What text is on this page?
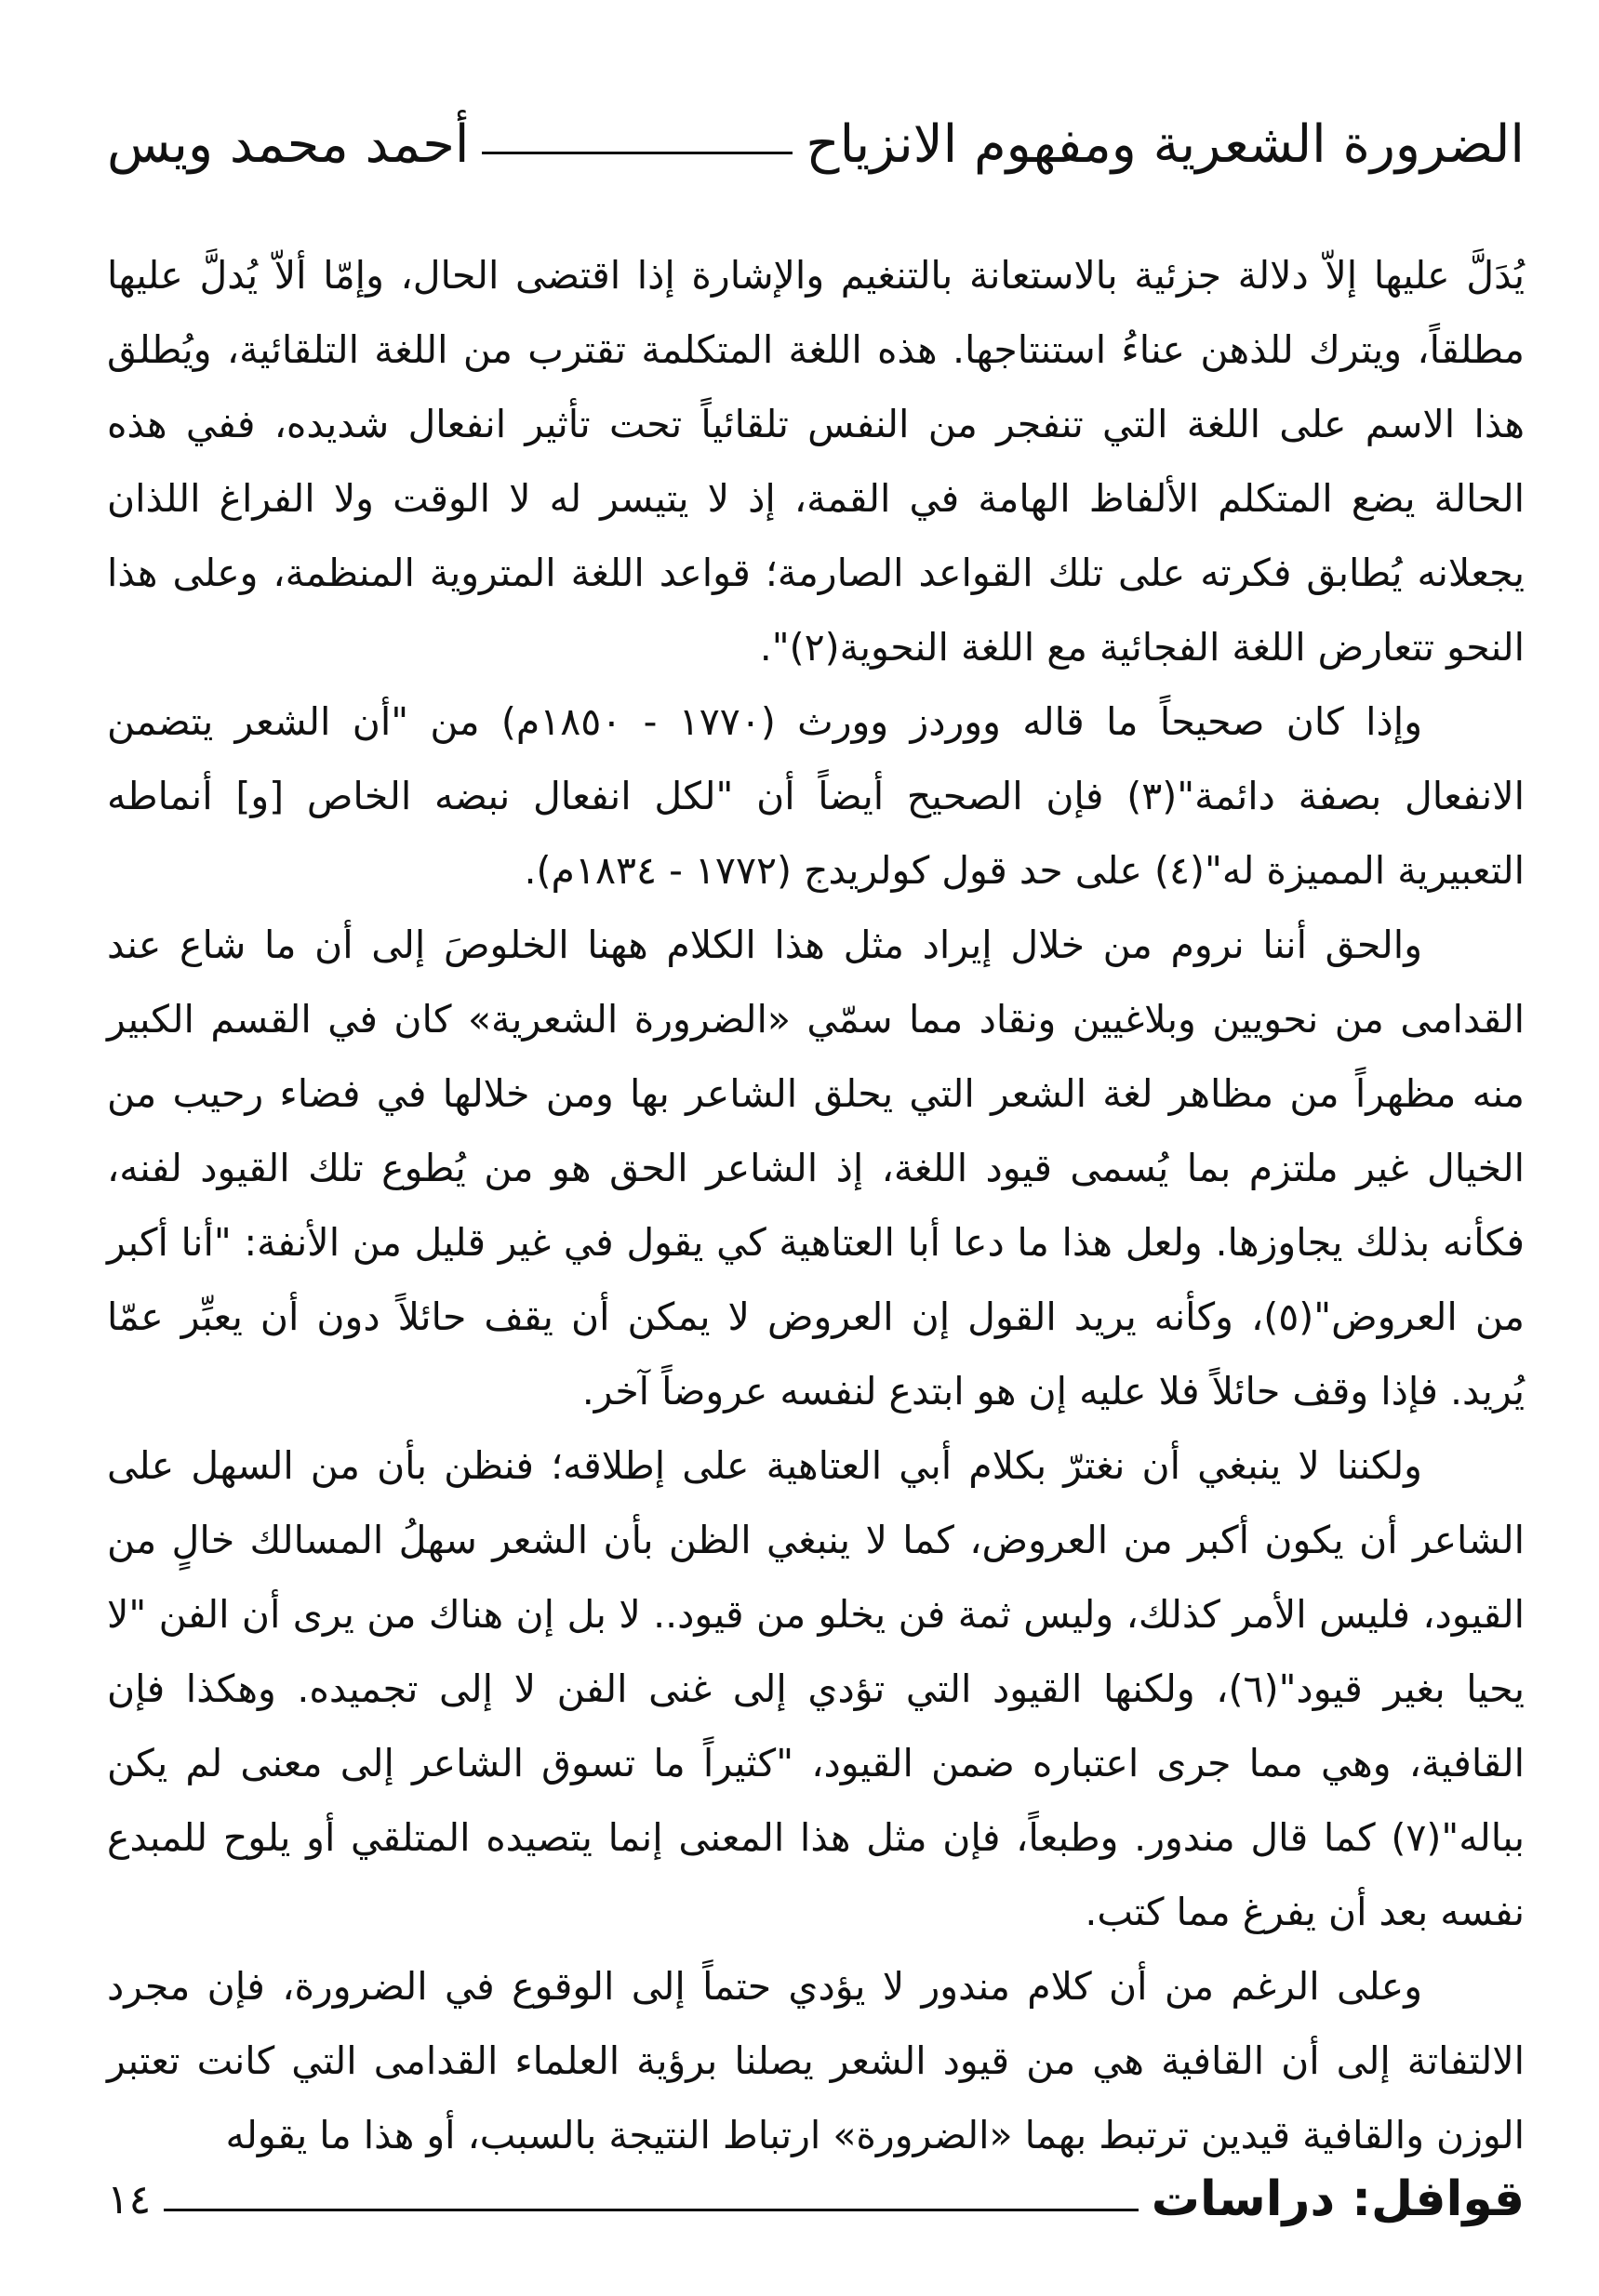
الضرورة الشعرية ومفهوم الانزياح
أحمد محمد ويس

يُدَلَّ عليها إلاّ دلالة جزئية بالاستعانة بالتنغيم والإشارة إذا اقتضى الحال، وإمّا ألاّ يُدلَّ عليها مطلقاً، ويترك للذهن عناءُ استنتاجها. هذه اللغة المتكلمة تقترب من اللغة التلقائية، ويُطلق هذا الاسم على اللغة التي تنفجر من النفس تلقائياً تحت تأثير انفعال شديده، ففي هذه الحالة يضع المتكلم الألفاظ الهامة في القمة، إذ لا يتيسر له لا الوقت ولا الفراغ اللذان يجعلانه يُطابق فكرته على تلك القواعد الصارمة؛ قواعد اللغة المتروية المنظمة، وعلى هذا النحو تتعارض اللغة الفجائية مع اللغة النحوية(٢)".

وإذا كان صحيحاً ما قاله ووردز وورث (١٧٧٠ - ١٨٥٠م) من "أن الشعر يتضمن الانفعال بصفة دائمة"(٣) فإن الصحيح أيضاً أن "لكل انفعال نبضه الخاص [و] أنماطه التعبيرية المميزة له"(٤) على حد قول كولريدج (١٧٧٢ - ١٨٣٤م).

والحق أننا نروم من خلال إيراد مثل هذا الكلام ههنا الخلوصَ إلى أن ما شاع عند القدامى من نحويين وبلاغيين ونقاد مما سمّي «الضرورة الشعرية» كان في القسم الكبير منه مظهراً من مظاهر لغة الشعر التي يحلق الشاعر بها ومن خلالها في فضاء رحيب من الخيال غير ملتزم بما يُسمى قيود اللغة، إذ الشاعر الحق هو من يُطوع تلك القيود لفنه، فكأنه بذلك يجاوزها. ولعل هذا ما دعا أبا العتاهية كي يقول في غير قليل من الأنفة: "أنا أكبر من العروض"(٥)، وكأنه يريد القول إن العروض لا يمكن أن يقف حائلاً دون أن يعبِّر عمّا يُريد. فإذا وقف حائلاً فلا عليه إن هو ابتدع لنفسه عروضاً آخر.

ولكننا لا ينبغي أن نغترّ بكلام أبي العتاهية على إطلاقه؛ فنظن بأن من السهل على الشاعر أن يكون أكبر من العروض، كما لا ينبغي الظن بأن الشعر سهلُ المسالك خالٍ من القيود، فليس الأمر كذلك، وليس ثمة فن يخلو من قيود.. لا بل إن هناك من يرى أن الفن "لا يحيا بغير قيود"(٦)، ولكنها القيود التي تؤدي إلى غنى الفن لا إلى تجميده. وهكذا فإن القافية، وهي مما جرى اعتباره ضمن القيود، "كثيراً ما تسوق الشاعر إلى معنى لم يكن بباله"(٧) كما قال مندور. وطبعاً، فإن مثل هذا المعنى إنما يتصيده المتلقي أو يلوح للمبدع نفسه بعد أن يفرغ مما كتب.

وعلى الرغم من أن كلام مندور لا يؤدي حتماً إلى الوقوع في الضرورة، فإن مجرد الالتفاتة إلى أن القافية هي من قيود الشعر يصلنا برؤية العلماء القدامى التي كانت تعتبر الوزن والقافية قيدين ترتبط بهما «الضرورة» ارتباط النتيجة بالسبب، أو هذا ما يقوله

قوافل: دراسات
١٤
